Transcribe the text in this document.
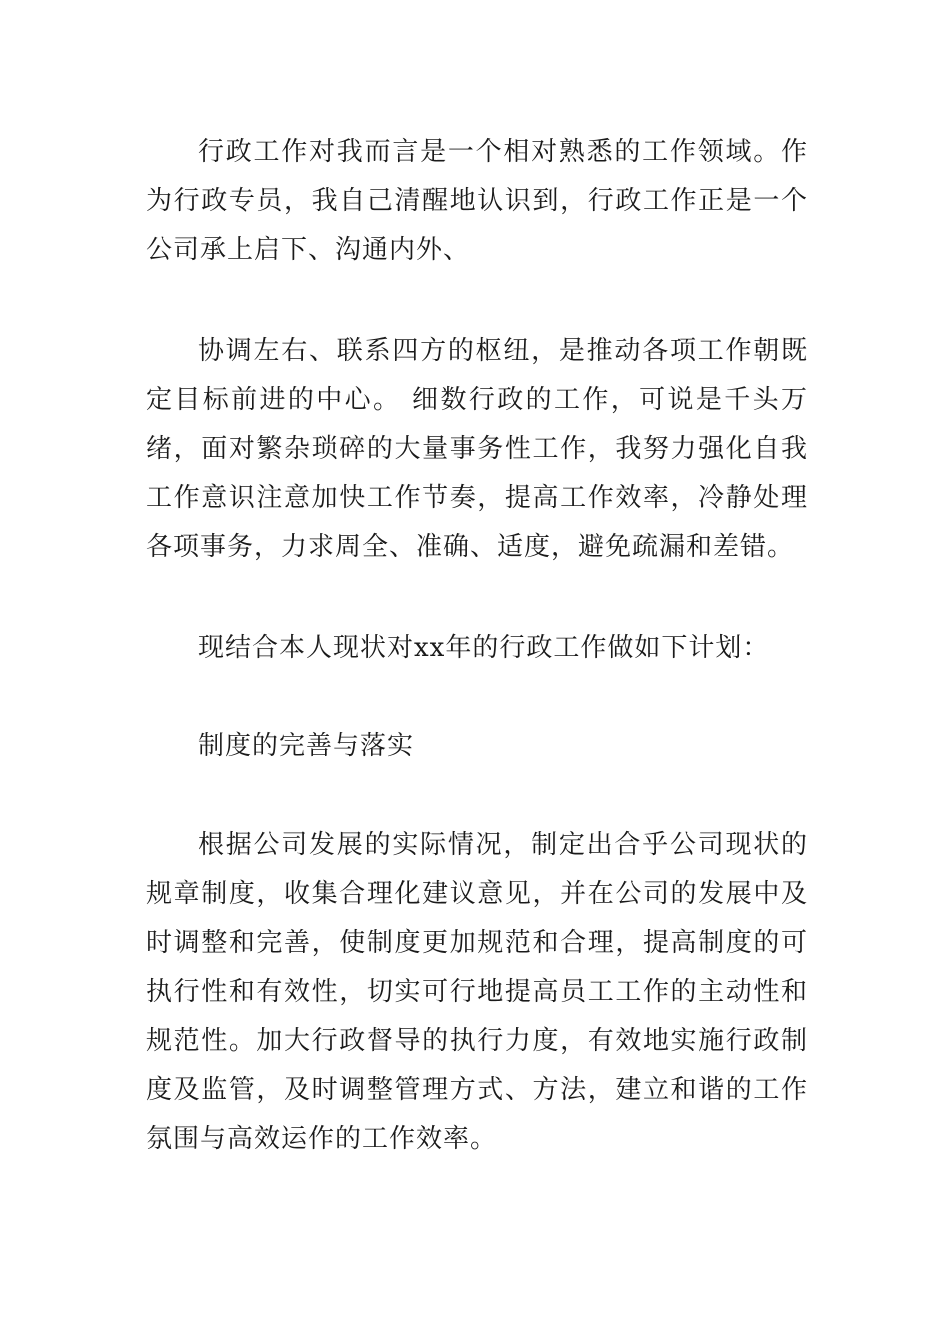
行政工作对我而言是一个相对熟悉的工作领域。作为行政专员，我自己清醒地认识到，行政工作正是一个公司承上启下、沟通内外、

协调左右、联系四方的枢纽，是推动各项工作朝既定目标前进的中心。 细数行政的工作，可说是千头万绪，面对繁杂琐碎的大量事务性工作，我努力强化自我工作意识注意加快工作节奏，提高工作效率，冷静处理各项事务，力求周全、准确、适度，避免疏漏和差错。

现结合本人现状对xx年的行政工作做如下计划：

制度的完善与落实

根据公司发展的实际情况，制定出合乎公司现状的规章制度，收集合理化建议意见，并在公司的发展中及时调整和完善，使制度更加规范和合理，提高制度的可执行性和有效性，切实可行地提高员工工作的主动性和规范性。加大行政督导的执行力度，有效地实施行政制度及监管，及时调整管理方式、方法，建立和谐的工作氛围与高效运作的工作效率。
